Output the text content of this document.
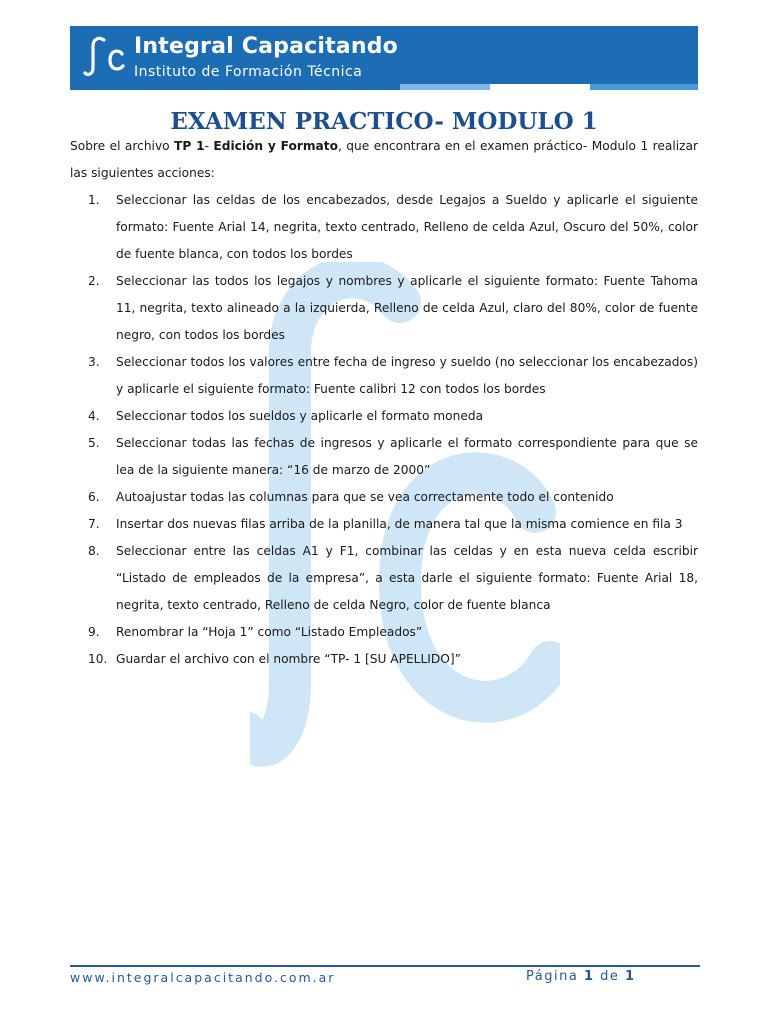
Integral Capacitando
Instituto de Formación Técnica
EXAMEN PRACTICO- MODULO 1

Sobre el archivo TP 1- Edición y Formato, que encontrara en el examen práctico- Modulo 1 realizar las siguientes acciones:

1.	Seleccionar las celdas de los encabezados, desde Legajos a Sueldo y aplicarle el siguiente formato: Fuente Arial 14, negrita, texto centrado, Relleno de celda Azul, Oscuro del 50%, color de fuente blanca, con todos los bordes
2.	Seleccionar las todos los legajos y nombres y aplicarle el siguiente formato: Fuente Tahoma 11, negrita, texto alineado a la izquierda, Relleno de celda Azul, claro del 80%, color de fuente negro, con todos los bordes
3.	Seleccionar todos los valores entre fecha de ingreso y sueldo (no seleccionar los encabezados) y aplicarle el siguiente formato: Fuente calibri 12 con todos los bordes
4.	Seleccionar todos los sueldos y aplicarle el formato moneda
5.	Seleccionar todas las fechas de ingresos y aplicarle el formato correspondiente para que se lea de la siguiente manera: “16 de marzo de 2000”
6.	Autoajustar todas las columnas para que se vea correctamente todo el contenido
7.	Insertar dos nuevas filas arriba de la planilla, de manera tal que la misma comience en fila 3
8.	Seleccionar entre las celdas A1 y F1, combinar las celdas y en esta nueva celda escribir “Listado de empleados de la empresa”, a esta darle el siguiente formato: Fuente Arial 18, negrita, texto centrado, Relleno de celda Negro, color de fuente blanca
9.	Renombrar la “Hoja 1” como “Listado Empleados”
10. Guardar el archivo con el nombre “TP- 1 [SU APELLIDO]”
www.integralcapacitando.com.ar	Página 1 de 1
